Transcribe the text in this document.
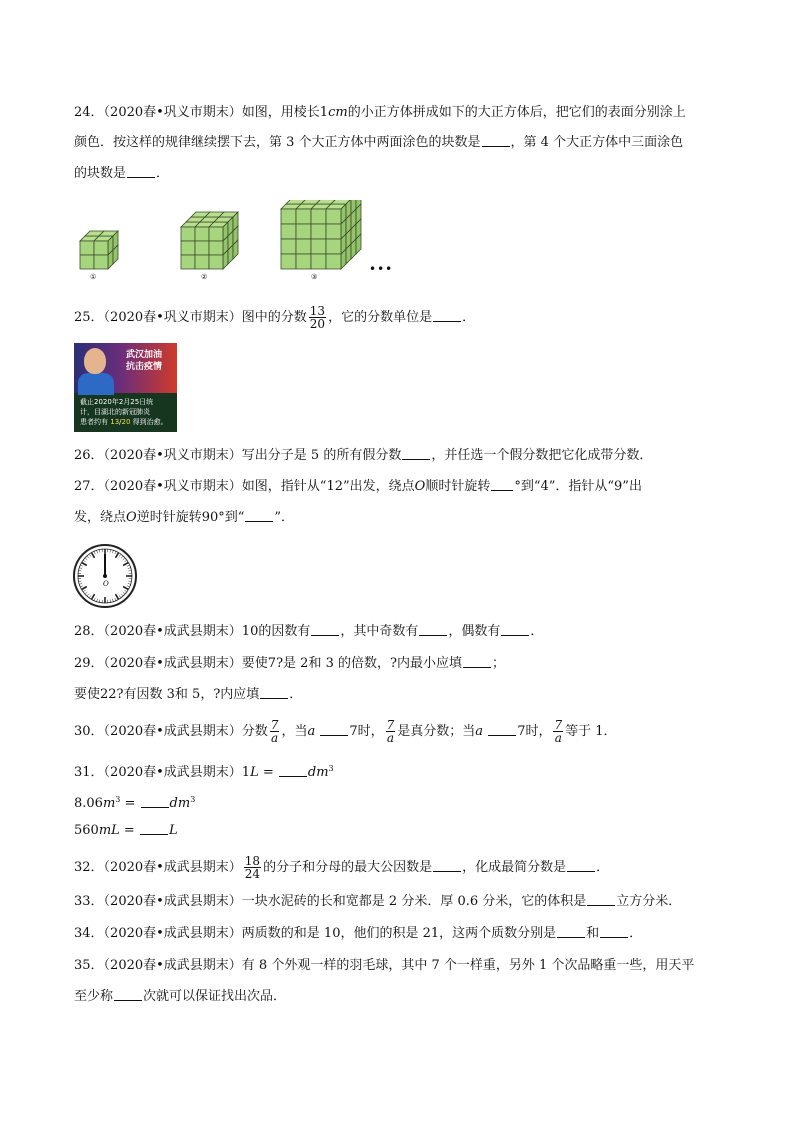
24．（2020春•巩义市期末）如图，用棱长1cm的小正方体拼成如下的大正方体后，把它们的表面分别涂上
颜色．按这样的规律继续摆下去，第 3 个大正方体中两面涂色的块数是 ，第 4 个大正方体中三面涂色
的块数是 ．
①	②	③
•••
25．（2020春•巩义市期末）图中的分数 $\frac{13}{20}$ ，它的分数单位是 ．
武汉加油
抗击疫情
截止2020年2月25日统
计，目湖北的新冠肺炎
患者约有 13/20 得到治愈。
26．（2020春•巩义市期末）写出分子是 5 的所有假分数 ，并任选一个假分数把它化成带分数．
27．（2020春•巩义市期末）如图，指针从“12”出发，绕点O顺时针旋转 °到“4”．指针从“9”出
发，绕点O逆时针旋转90°到“ ”．
O
28．（2020春•成武县期末）10的因数有 ，其中奇数有 ，偶数有 ．
29．（2020春•成武县期末）要使7?是 2和 3 的倍数，?内最小应填 ；
要使22?有因数 3和 5，?内应填 ．
30．（2020春•成武县期末）分数 $\frac{7}{a}$ ，当a	7时， $\frac{7}{a}$ 是真分数；当a	7时， $\frac{7}{a}$ 等于 1．
31．（2020春•成武县期末）$1L = dm^3$
$8.06m^3 = dm^3$
560mL = L
32．（2020春•成武县期末） $\frac{18}{24}$ 的分子和分母的最大公因数是 ，化成最简分数是 ．
33．（2020春•成武县期末）一块水泥砖的长和宽都是 2 分米．厚 0.6 分米，它的体积是 立方分米．
34．（2020春•成武县期末）两质数的和是 10，他们的积是 21，这两个质数分别是 和 ．
35．（2020春•成武县期末）有 8 个外观一样的羽毛球，其中 7 个一样重，另外 1 个次品略重一些，用天平
至少称 次就可以保证找出次品．
